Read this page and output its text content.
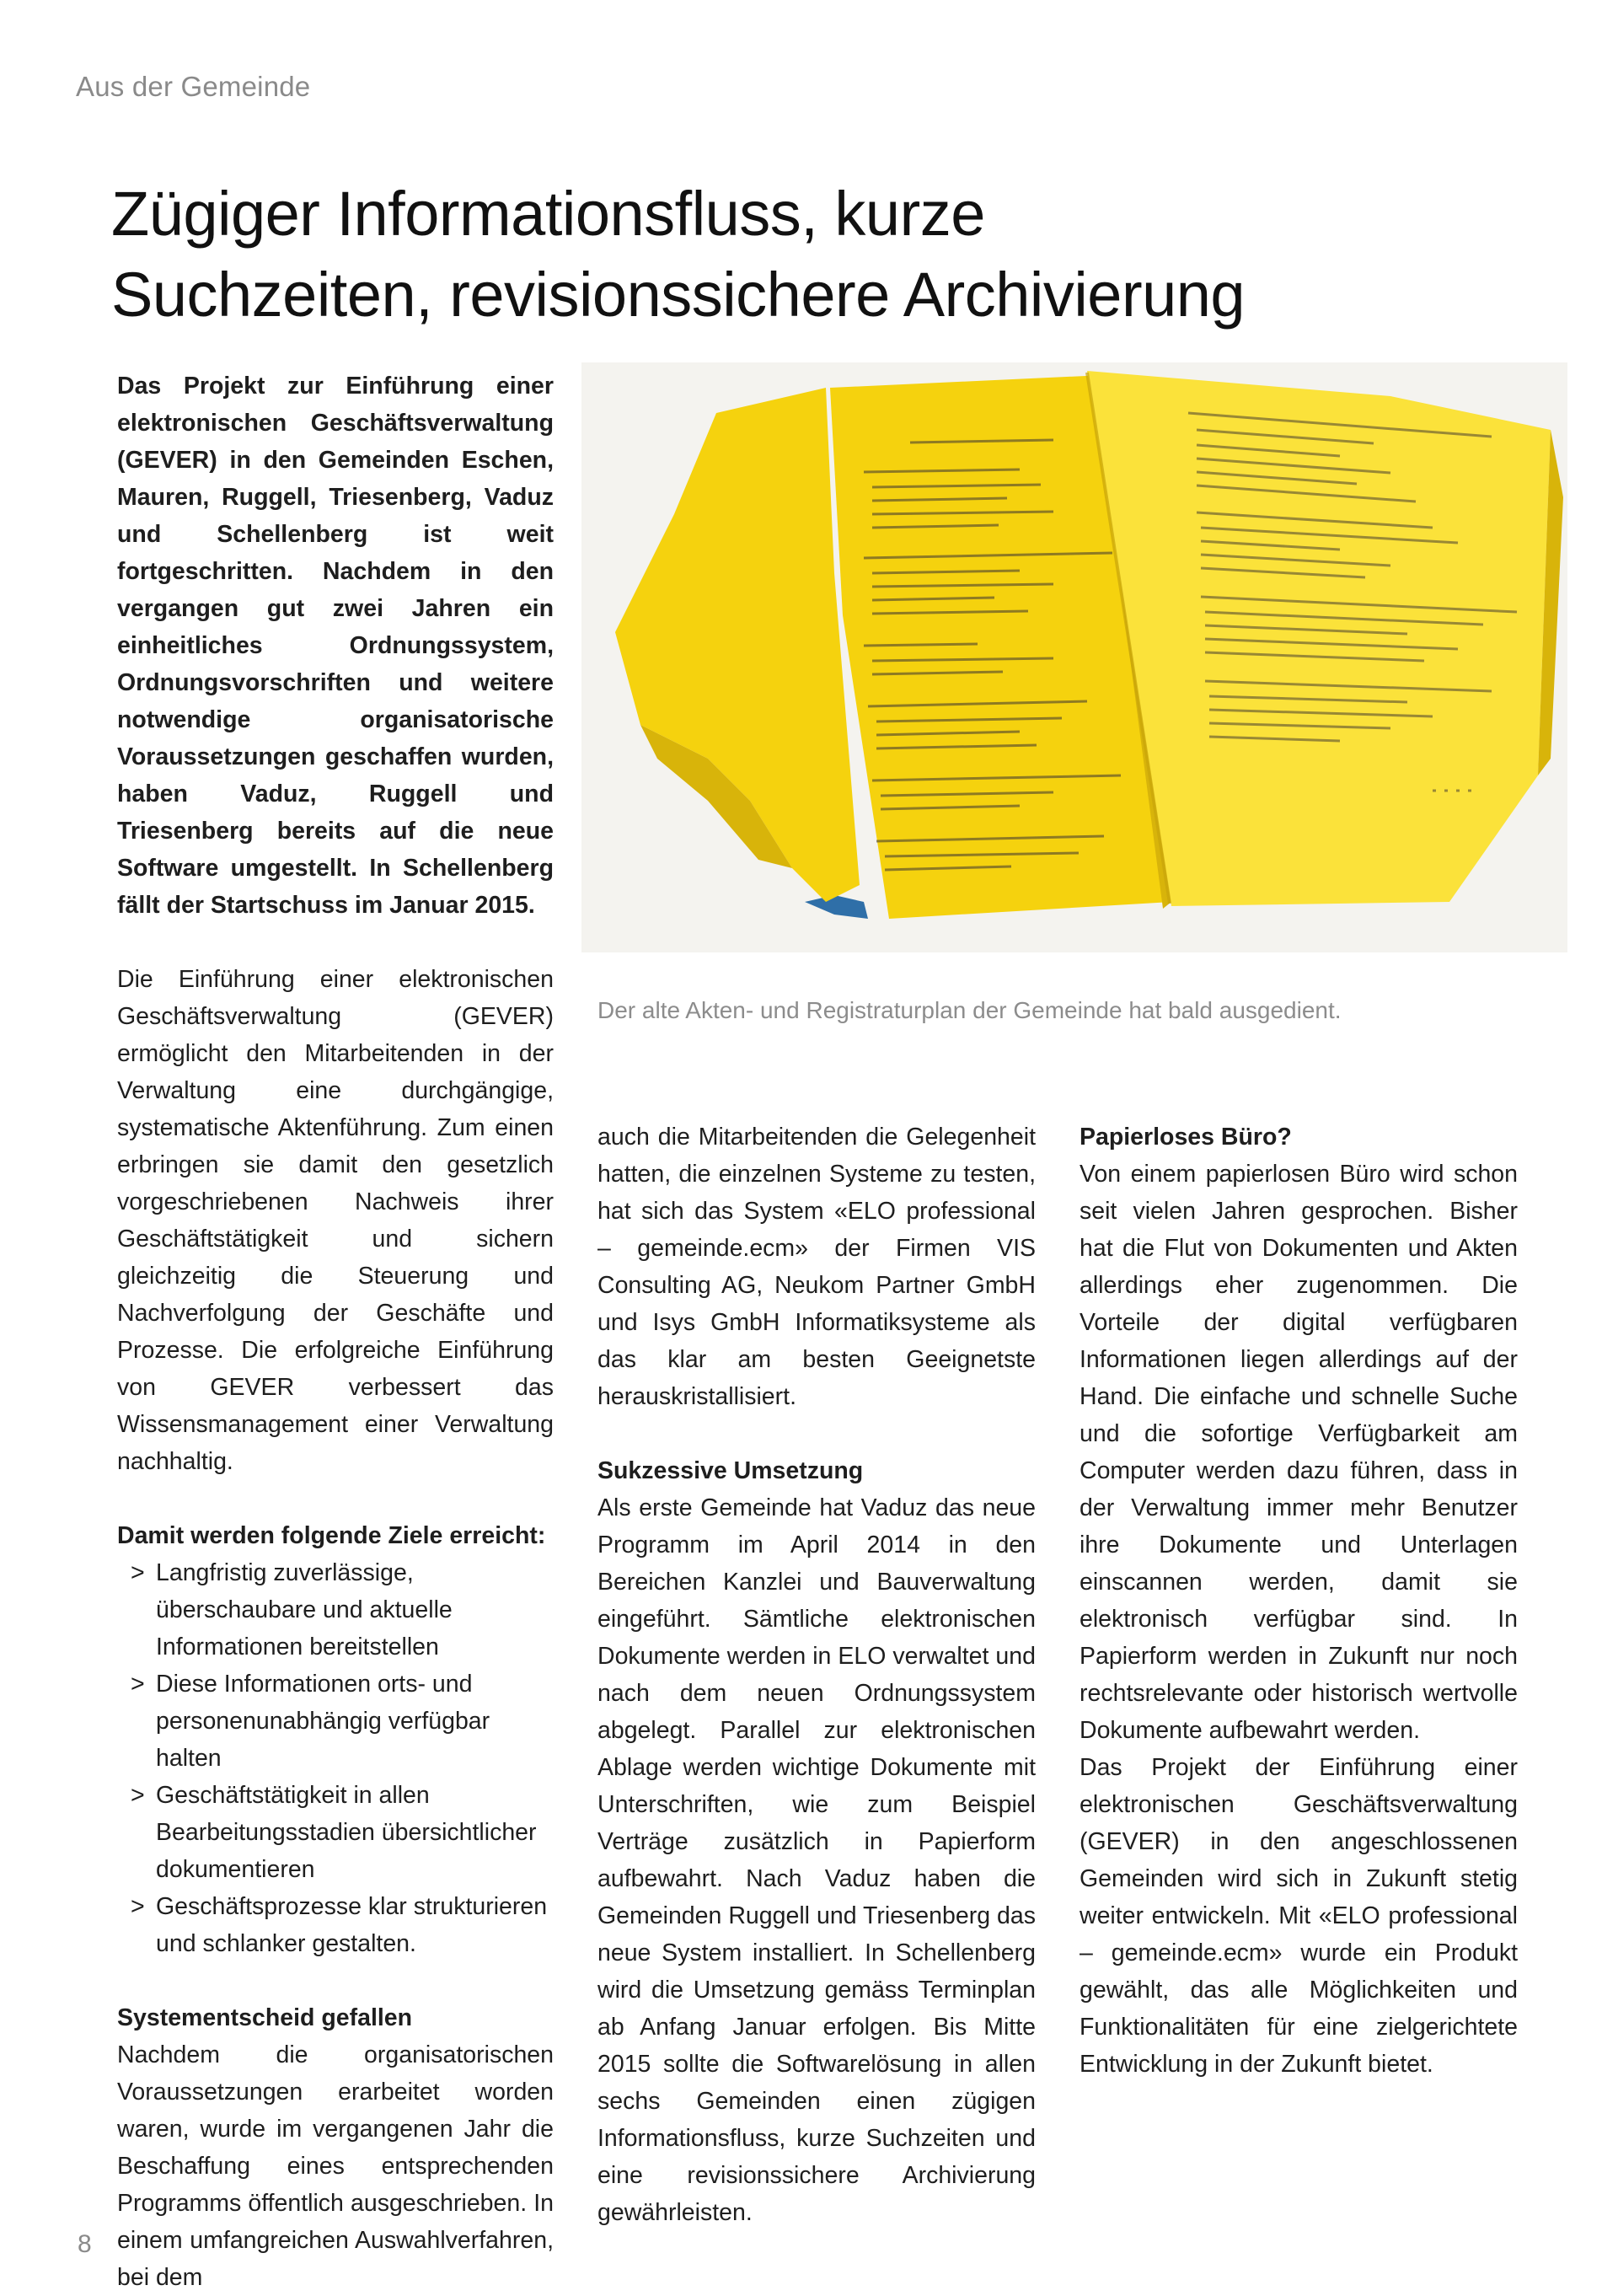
Aus der Gemeinde
Zügiger Informationsfluss, kurze
Suchzeiten, revisionssichere Archivierung

Das Projekt zur Einführung einer elektronischen Geschäftsverwaltung (GEVER) in den Gemeinden Eschen, Mauren, Ruggell, Triesenberg, Vaduz und Schellenberg ist weit fortgeschritten. Nachdem in den vergangen gut zwei Jahren ein einheitliches Ordnungssystem, Ordnungsvorschriften und weitere notwendige organisatorische Voraussetzungen geschaffen wurden, haben Vaduz, Ruggell und Triesenberg bereits auf die neue Software umgestellt. In Schellenberg fällt der Startschuss im Januar 2015.

Die Einführung einer elektronischen Geschäftsverwaltung (GEVER) ermöglicht den Mitarbeitenden in der Verwaltung eine durchgängige, systematische Aktenführung. Zum einen erbringen sie damit den gesetzlich vorgeschriebenen Nachweis ihrer Geschäftstätigkeit und sichern gleichzeitig die Steuerung und Nachverfolgung der Geschäfte und Prozesse. Die erfolgreiche Einführung von GEVER verbessert das Wissensmanagement einer Verwaltung nachhaltig.

Damit werden folgende Ziele erreicht:

> Langfristig zuverlässige, überschaubare und aktuelle Informationen bereitstellen
> Diese Informationen orts- und personenunabhängig verfügbar halten
> Geschäftstätigkeit in allen Bearbeitungsstadien übersichtlicher dokumentieren
> Geschäftsprozesse klar strukturieren und schlanker gestalten.

Systementscheid gefallen

Nachdem die organisatorischen Voraussetzungen erarbeitet worden waren, wurde im vergangenen Jahr die Beschaffung eines entsprechenden Programms öffentlich ausgeschrieben. In einem umfangreichen Auswahlverfahren, bei dem

Der alte Akten- und Registraturplan der Gemeinde hat bald ausgedient.

auch die Mitarbeitenden die Gelegenheit hatten, die einzelnen Systeme zu testen, hat sich das System «ELO professional – gemeinde.ecm» der Firmen VIS Consulting AG, Neukom Partner GmbH und Isys GmbH Informatiksysteme als das klar am besten Geeignetste herauskristallisiert.

Sukzessive Umsetzung

Als erste Gemeinde hat Vaduz das neue Programm im April 2014 in den Bereichen Kanzlei und Bauverwaltung eingeführt. Sämtliche elektronischen Dokumente werden in ELO verwaltet und nach dem neuen Ordnungssystem abgelegt. Parallel zur elektronischen Ablage werden wichtige Dokumente mit Unterschriften, wie zum Beispiel Verträge zusätzlich in Papierform aufbewahrt. Nach Vaduz haben die Gemeinden Ruggell und Triesenberg das neue System installiert. In Schellenberg wird die Umsetzung gemäss Terminplan ab Anfang Januar erfolgen. Bis Mitte 2015 sollte die Softwarelösung in allen sechs Gemeinden einen zügigen Informationsfluss, kurze Suchzeiten und eine revisionssichere Archivierung gewährleisten.

Papierloses Büro?

Von einem papierlosen Büro wird schon seit vielen Jahren gesprochen. Bisher hat die Flut von Dokumenten und Akten allerdings eher zugenommen. Die Vorteile der digital verfügbaren Informationen liegen allerdings auf der Hand. Die einfache und schnelle Suche und die sofortige Verfügbarkeit am Computer werden dazu führen, dass in der Verwaltung immer mehr Benutzer ihre Dokumente und Unterlagen einscannen werden, damit sie elektronisch verfügbar sind. In Papierform werden in Zukunft nur noch rechtsrelevante oder historisch wertvolle Dokumente aufbewahrt werden.

Das Projekt der Einführung einer elektronischen Geschäftsverwaltung (GEVER) in den angeschlossenen Gemeinden wird sich in Zukunft stetig weiter entwickeln. Mit «ELO professional – gemeinde.ecm» wurde ein Produkt gewählt, das alle Möglichkeiten und Funktionalitäten für eine zielgerichtete Entwicklung in der Zukunft bietet.

8
